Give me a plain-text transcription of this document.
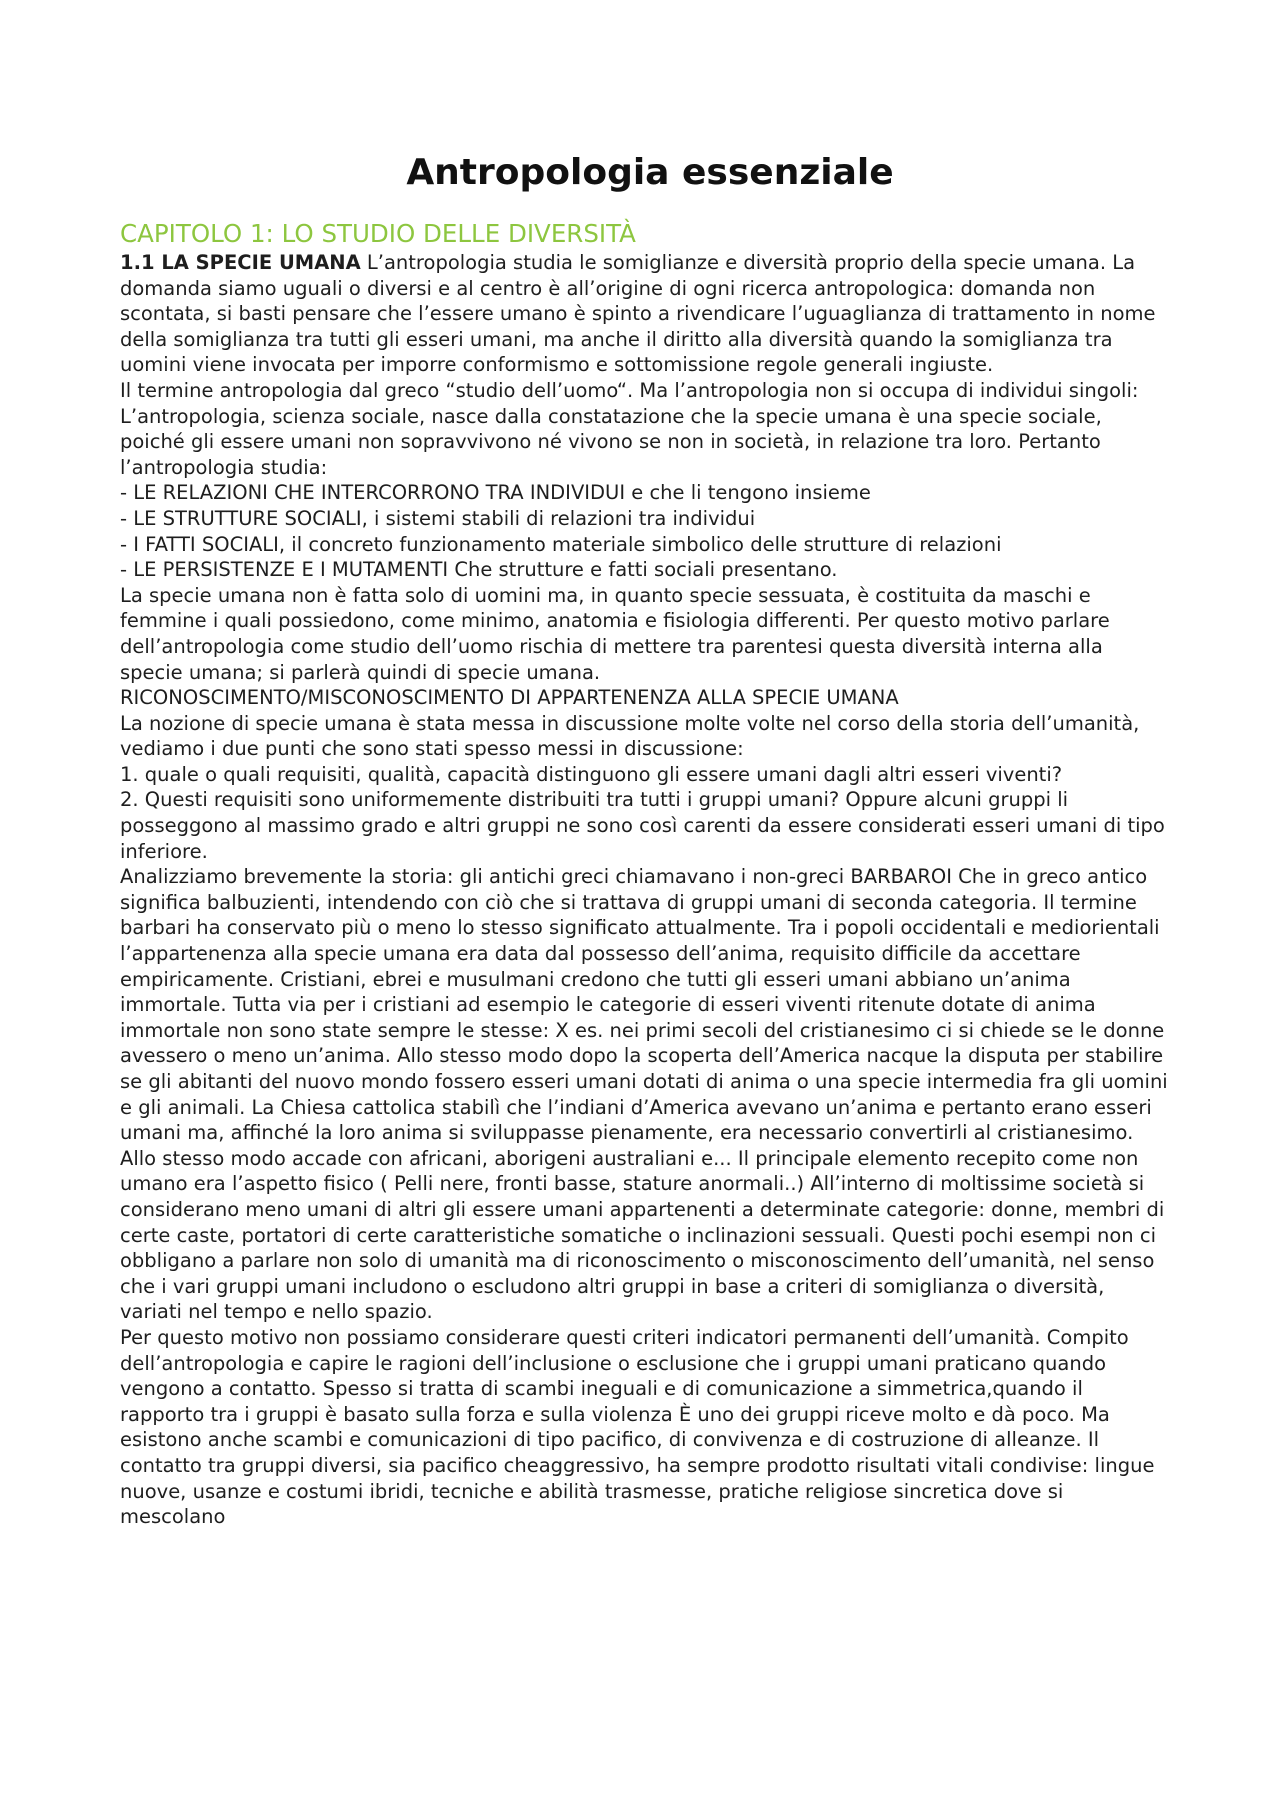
Antropologia essenziale
CAPITOLO 1: LO STUDIO DELLE DIVERSITÀ

1.1 LA SPECIE UMANA L’antropologia studia le somiglianze e diversità proprio della specie umana. La domanda siamo uguali o diversi e al centro è all’origine di ogni ricerca antropologica: domanda non scontata, si basti pensare che l’essere umano è spinto a rivendicare l’uguaglianza di trattamento in nome della somiglianza tra tutti gli esseri umani, ma anche il diritto alla diversità quando la somiglianza tra uomini viene invocata per imporre conformismo e sottomissione regole generali ingiuste.

Il termine antropologia dal greco “studio dell’uomo“. Ma l’antropologia non si occupa di individui singoli: L’antropologia, scienza sociale, nasce dalla constatazione che la specie umana è una specie sociale, poiché gli essere umani non sopravvivono né vivono se non in società, in relazione tra loro. Pertanto l’antropologia studia:

- LE RELAZIONI CHE INTERCORRONO TRA INDIVIDUI e che li tengono insieme

- LE STRUTTURE SOCIALI, i sistemi stabili di relazioni tra individui

- I FATTI SOCIALI, il concreto funzionamento materiale simbolico delle strutture di relazioni

- LE PERSISTENZE E I MUTAMENTI Che strutture e fatti sociali presentano.

La specie umana non è fatta solo di uomini ma, in quanto specie sessuata, è costituita da maschi e femmine i quali possiedono, come minimo, anatomia e fisiologia differenti. Per questo motivo parlare dell’antropologia come studio dell’uomo rischia di mettere tra parentesi questa diversità interna alla specie umana; si parlerà quindi di specie umana.

RICONOSCIMENTO/MISCONOSCIMENTO DI APPARTENENZA ALLA SPECIE UMANA

La nozione di specie umana è stata messa in discussione molte volte nel corso della storia dell’umanità, vediamo i due punti che sono stati spesso messi in discussione:

1. quale o quali requisiti, qualità, capacità distinguono gli essere umani dagli altri esseri viventi?

2. Questi requisiti sono uniformemente distribuiti tra tutti i gruppi umani? Oppure alcuni gruppi li posseggono al massimo grado e altri gruppi ne sono così carenti da essere considerati esseri umani di tipo inferiore.

Analizziamo brevemente la storia: gli antichi greci chiamavano i non-greci BARBAROI Che in greco antico significa balbuzienti, intendendo con ciò che si trattava di gruppi umani di seconda categoria. Il termine barbari ha conservato più o meno lo stesso significato attualmente. Tra i popoli occidentali e mediorientali l’appartenenza alla specie umana era data dal possesso dell’anima, requisito difficile da accettare empiricamente. Cristiani, ebrei e musulmani credono che tutti gli esseri umani abbiano un’anima immortale. Tutta via per i cristiani ad esempio le categorie di esseri viventi ritenute dotate di anima immortale non sono state sempre le stesse: X es. nei primi secoli del cristianesimo ci si chiede se le donne avessero o meno un’anima. Allo stesso modo dopo la scoperta dell’America nacque la disputa per stabilire se gli abitanti del nuovo mondo fossero esseri umani dotati di anima o una specie intermedia fra gli uomini e gli animali. La Chiesa cattolica stabilì che l’indiani d’America avevano un’anima e pertanto erano esseri umani ma, affinché la loro anima si sviluppasse pienamente, era necessario convertirli al cristianesimo. Allo stesso modo accade con africani, aborigeni australiani e... Il principale elemento recepito come non umano era l’aspetto fisico ( Pelli nere, fronti basse, stature anormali..) All’interno di moltissime società si considerano meno umani di altri gli essere umani appartenenti a determinate categorie: donne, membri di certe caste, portatori di certe caratteristiche somatiche o inclinazioni sessuali. Questi pochi esempi non ci obbligano a parlare non solo di umanità ma di riconoscimento o misconoscimento dell’umanità, nel senso che i vari gruppi umani includono o escludono altri gruppi in base a criteri di somiglianza o diversità, variati nel tempo e nello spazio.

Per questo motivo non possiamo considerare questi criteri indicatori permanenti dell’umanità. Compito dell’antropologia e capire le ragioni dell’inclusione o esclusione che i gruppi umani praticano quando vengono a contatto. Spesso si tratta di scambi ineguali e di comunicazione a simmetrica,quando il rapporto tra i gruppi è basato sulla forza e sulla violenza È uno dei gruppi riceve molto e dà poco. Ma esistono anche scambi e comunicazioni di tipo pacifico, di convivenza e di costruzione di alleanze. Il contatto tra gruppi diversi, sia pacifico cheaggressivo, ha sempre prodotto risultati vitali condivise: lingue nuove, usanze e costumi ibridi, tecniche e abilità trasmesse, pratiche religiose sincretica dove si mescolano
